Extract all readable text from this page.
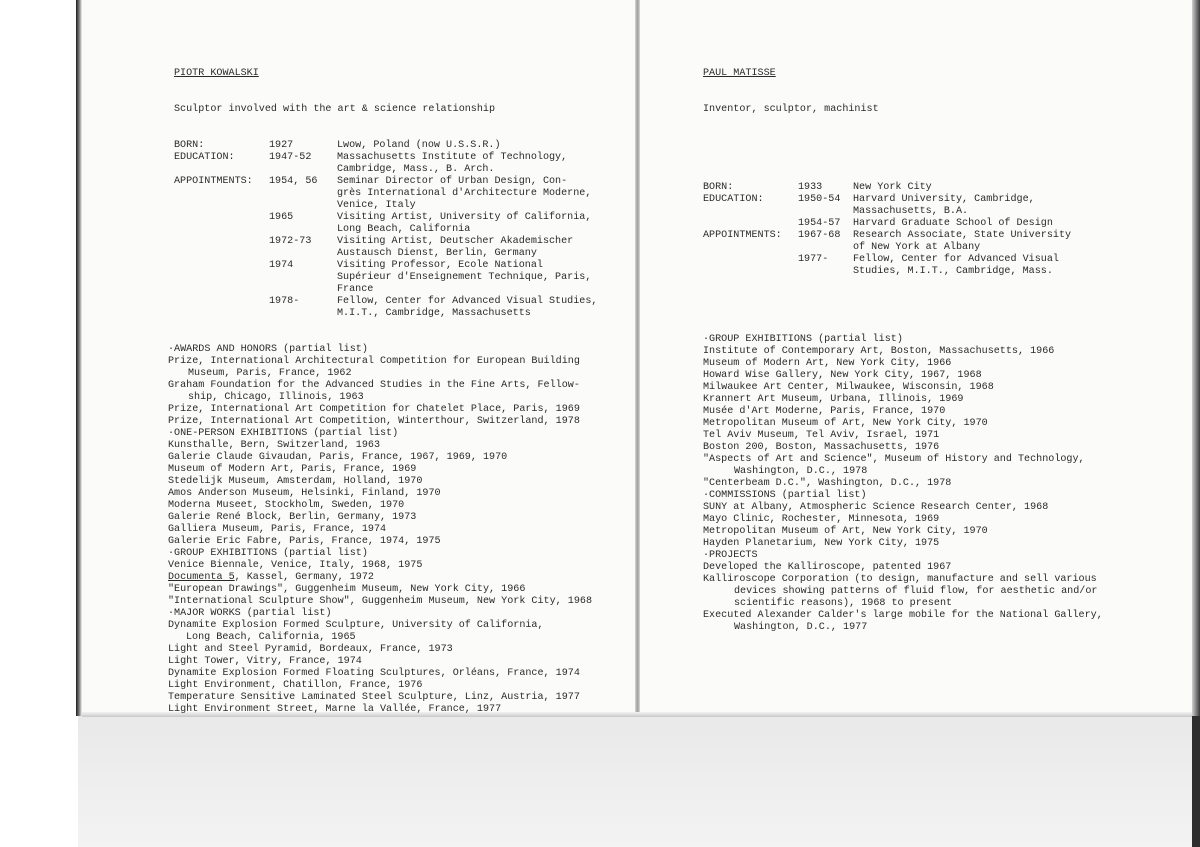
PIOTR KOWALSKI

Sculptor involved with the art & science relationship

BORN:	1927	Lwow, Poland (now U.S.S.R.)
EDUCATION:	1947-52	Massachusetts Institute of Technology,
Cambridge, Mass., B. Arch.
APPOINTMENTS: 1954, 56 Seminar Director of Urban Design, Con-
grès International d'Architecture Moderne,
Venice, Italy
1965	Visiting Artist, University of California,
Long Beach, California
1972-73	Visiting Artist, Deutscher Akademischer
Austausch Dienst, Berlin, Germany
1974	Visiting Professor, Ecole National
Supérieur d'Enseignement Technique, Paris,
France
1978-	Fellow, Center for Advanced Visual Studies,
M.I.T., Cambridge, Massachusetts

·AWARDS AND HONORS (partial list)
Prize, International Architectural Competition for European Building
Museum, Paris, France, 1962
Graham Foundation for the Advanced Studies in the Fine Arts, Fellow-
ship, Chicago, Illinois, 1963
Prize, International Art Competition for Chatelet Place, Paris, 1969
Prize, International Art Competition, Winterthour, Switzerland, 1978
·ONE-PERSON EXHIBITIONS (partial list)
Kunsthalle, Bern, Switzerland, 1963
Galerie Claude Givaudan, Paris, France, 1967, 1969, 1970
Museum of Modern Art, Paris, France, 1969
Stedelijk Museum, Amsterdam, Holland, 1970
Amos Anderson Museum, Helsinki, Finland, 1970
Moderna Museet, Stockholm, Sweden, 1970
Galerie René Block, Berlin, Germany, 1973
Galliera Museum, Paris, France, 1974
Galerie Eric Fabre, Paris, France, 1974, 1975
·GROUP EXHIBITIONS (partial list)
Venice Biennale, Venice, Italy, 1968, 1975
Documenta 5, Kassel, Germany, 1972
"European Drawings", Guggenheim Museum, New York City, 1966
"International Sculpture Show", Guggenheim Museum, New York City, 1968
·MAJOR WORKS (partial list)
Dynamite Explosion Formed Sculpture, University of California,
Long Beach, California, 1965
Light and Steel Pyramid, Bordeaux, France, 1973
Light Tower, Vitry, France, 1974
Dynamite Explosion Formed Floating Sculptures, Orléans, France, 1974
Light Environment, Chatillon, France, 1976
Temperature Sensitive Laminated Steel Sculpture, Linz, Austria, 1977
Light Environment Street, Marne la Vallée, France, 1977

PAUL MATISSE

Inventor, sculptor, machinist

BORN:	1933	New York City
EDUCATION:	1950-54 Harvard University, Cambridge,
Massachusetts, B.A.
1954-57 Harvard Graduate School of Design
APPOINTMENTS: 1967-68 Research Associate, State University
of New York at Albany
1977- Fellow, Center for Advanced Visual
Studies, M.I.T., Cambridge, Mass.

·GROUP EXHIBITIONS (partial list)
Institute of Contemporary Art, Boston, Massachusetts, 1966
Museum of Modern Art, New York City, 1966
Howard Wise Gallery, New York City, 1967, 1968
Milwaukee Art Center, Milwaukee, Wisconsin, 1968
Krannert Art Museum, Urbana, Illinois, 1969
Musée d'Art Moderne, Paris, France, 1970
Metropolitan Museum of Art, New York City, 1970
Tel Aviv Museum, Tel Aviv, Israel, 1971
Boston 200, Boston, Massachusetts, 1976
"Aspects of Art and Science", Museum of History and Technology,
Washington, D.C., 1978
"Centerbeam D.C.", Washington, D.C., 1978
·COMMISSIONS (partial list)
SUNY at Albany, Atmospheric Science Research Center, 1968
Mayo Clinic, Rochester, Minnesota, 1969
Metropolitan Museum of Art, New York City, 1970
Hayden Planetarium, New York City, 1975
·PROJECTS
Developed the Kalliroscope, patented 1967
Kalliroscope Corporation (to design, manufacture and sell various
devices showing patterns of fluid flow, for aesthetic and/or
scientific reasons), 1968 to present
Executed Alexander Calder's large mobile for the National Gallery,
Washington, D.C., 1977
